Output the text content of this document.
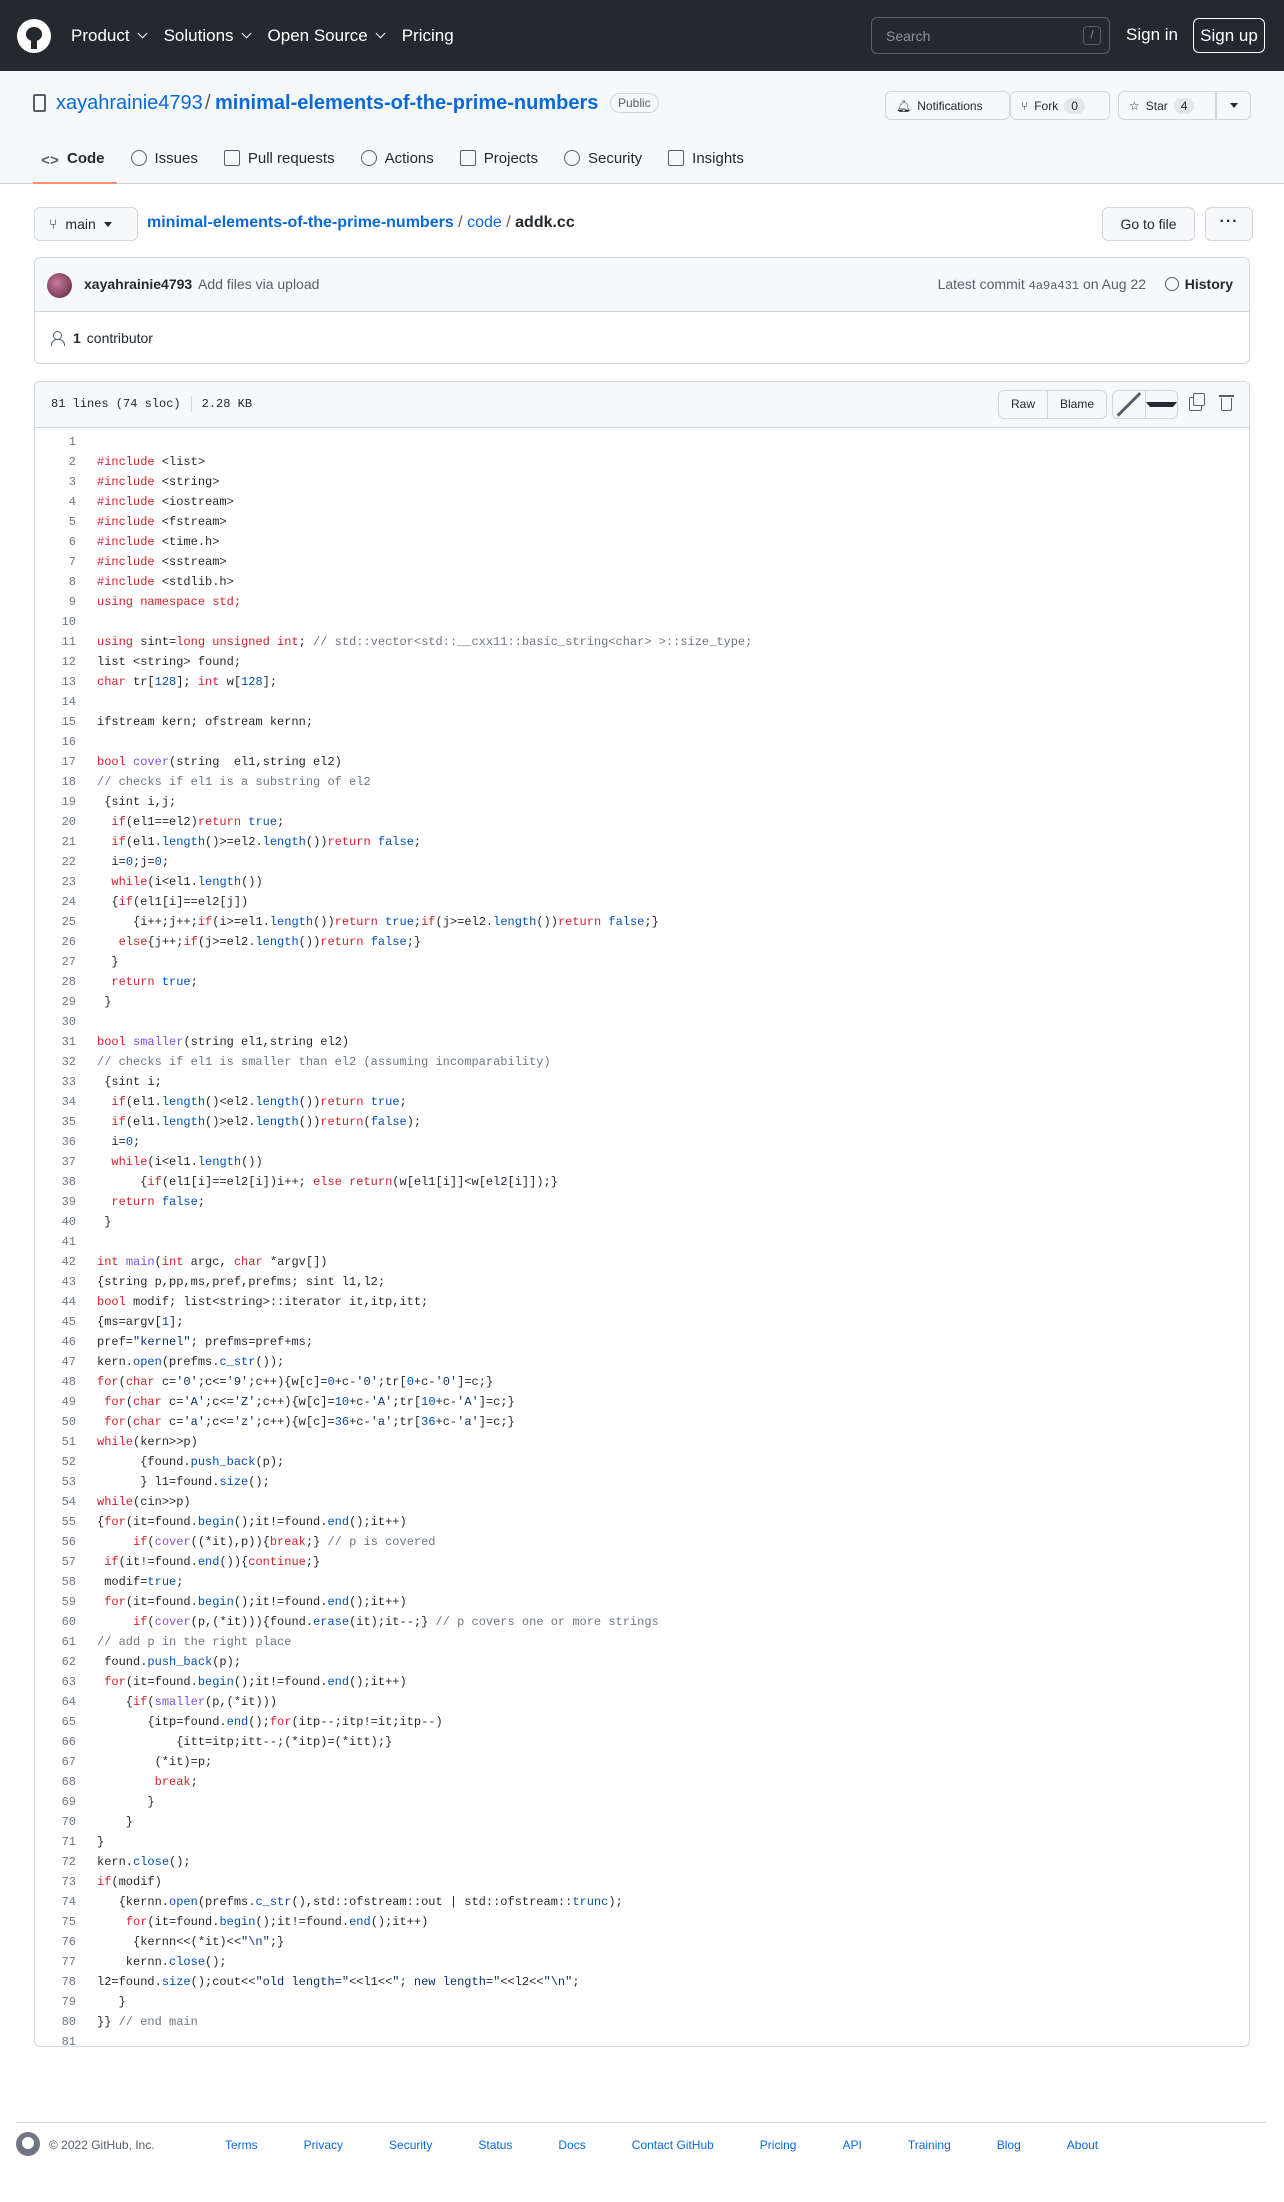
Product Solutions Open Source Pricing	Search	/	Sign in	Sign up
xayahrainie4793 / minimal-elements-of-the-prime-numbers	Public	🔔︎ Notifications	⑂ Fork	0	☆ Star	4
<> Code	Issues	Pull requests	Actions	Projects	Security	Insights
⑂ main	minimal-elements-of-the-prime-numbers / code / addk.cc	Go to file	···
xayahrainie4793 Add files via upload	Latest commit 4a9a431 on Aug 22	History
1 contributor
81 lines (74 sloc) 2.28 KB	Raw	Blame
1
2	#include <list>
3	#include <string>
4	#include <iostream>
5	#include <fstream>
6	#include <time.h>
7	#include <sstream>
8	#include <stdlib.h>
9	using namespace std;
10
11	using sint=long unsigned int; // std::vector<std::__cxx11::basic_string<char> >::size_type;
12	list <string> found;
13	char tr[128]; int w[128];
14
15	ifstream kern; ofstream kernn;
16
17	bool cover(string  el1,string el2)
18	// checks if el1 is a substring of el2
19	{sint i,j;
20	if(el1==el2)return true;
21	if(el1.length()>=el2.length())return false;
22	i=0;j=0;
23	while(i<el1.length())
24	{if(el1[i]==el2[j])
25	{i++;j++;if(i>=el1.length())return true;if(j>=el2.length())return false;}
26	else{j++;if(j>=el2.length())return false;}
27	}
28	return true;
29	}
30
31	bool smaller(string el1,string el2)
32	// checks if el1 is smaller than el2 (assuming incomparability)
33	{sint i;
34	if(el1.length()<el2.length())return true;
35	if(el1.length()>el2.length())return(false);
36	i=0;
37	while(i<el1.length())
38	{if(el1[i]==el2[i])i++; else return(w[el1[i]]<w[el2[i]]);}
39	return false;
40	}
41
42	int main(int argc, char *argv[])
43	{string p,pp,ms,pref,prefms; sint l1,l2;
44	bool modif; list<string>::iterator it,itp,itt;
45	{ms=argv[1];
46	pref="kernel"; prefms=pref+ms;
47	kern.open(prefms.c_str());
48	for(char c='0';c<='9';c++){w[c]=0+c-'0';tr[0+c-'0']=c;}
49	for(char c='A';c<='Z';c++){w[c]=10+c-'A';tr[10+c-'A']=c;}
50	for(char c='a';c<='z';c++){w[c]=36+c-'a';tr[36+c-'a']=c;}
51	while(kern>>p)
52	{found.push_back(p);
53	} l1=found.size();
54	while(cin>>p)
55	{for(it=found.begin();it!=found.end();it++)
56	if(cover((*it),p)){break;} // p is covered
57	if(it!=found.end()){continue;}
58	modif=true;
59	for(it=found.begin();it!=found.end();it++)
60	if(cover(p,(*it))){found.erase(it);it--;} // p covers one or more strings
61	// add p in the right place
62	found.push_back(p);
63	for(it=found.begin();it!=found.end();it++)
64	{if(smaller(p,(*it)))
65	{itp=found.end();for(itp--;itp!=it;itp--)
66	{itt=itp;itt--;(*itp)=(*itt);}
67	(*it)=p;
68	break;
69	}
70	}
71	}
72	kern.close();
73	if(modif)
74	{kernn.open(prefms.c_str(),std::ofstream::out | std::ofstream::trunc);
75	for(it=found.begin();it!=found.end();it++)
76	{kernn<<(*it)<<"\n";}
77	kernn.close();
78	l2=found.size();cout<<"old length="<<l1<<"; new length="<<l2<<"\n";
79	}
80	}} // end main
81
© 2022 GitHub, Inc.	Terms	Privacy	Security	Status	Docs	Contact GitHub	Pricing	API	Training	Blog	About
